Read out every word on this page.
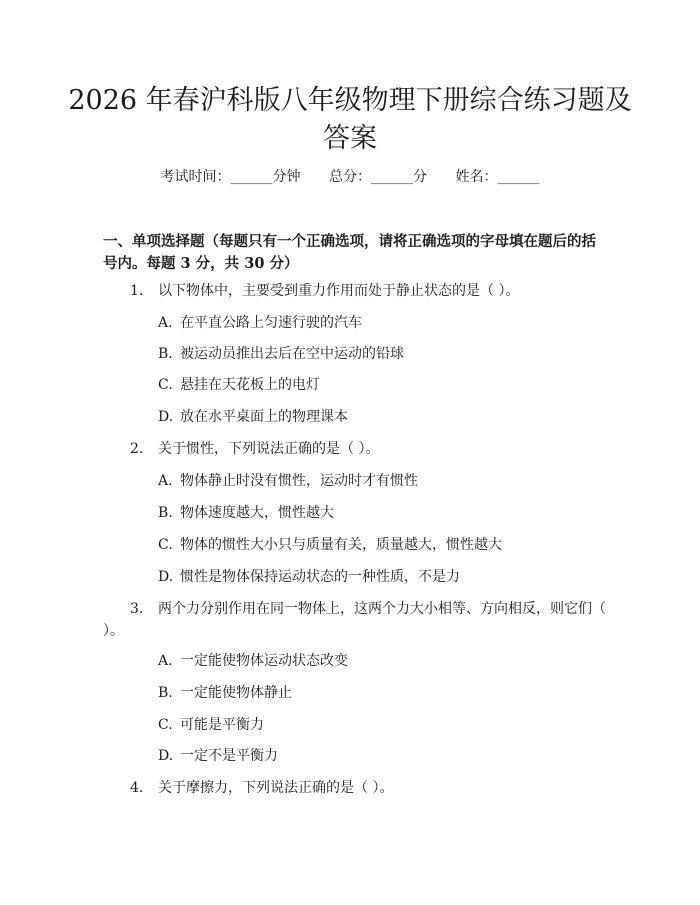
2026 年春沪科版八年级物理下册综合练习题及答案
考试时间：______分钟 总分：______分 姓名：______

一、单项选择题（每题只有一个正确选项，请将正确选项的字母填在题后的括号内。每题 3 分，共 30 分）

1. 以下物体中，主要受到重力作用而处于静止状态的是（ ）。

A. 在平直公路上匀速行驶的汽车

B. 被运动员推出去后在空中运动的铅球

C. 悬挂在天花板上的电灯

D. 放在水平桌面上的物理课本

2. 关于惯性，下列说法正确的是（ ）。

A. 物体静止时没有惯性，运动时才有惯性

B. 物体速度越大，惯性越大

C. 物体的惯性大小只与质量有关，质量越大，惯性越大

D. 惯性是物体保持运动状态的一种性质，不是力

3. 两个力分别作用在同一物体上，这两个力大小相等、方向相反，则它们（ ）。

A. 一定能使物体运动状态改变

B. 一定能使物体静止

C. 可能是平衡力

D. 一定不是平衡力

4. 关于摩擦力，下列说法正确的是（ ）。
